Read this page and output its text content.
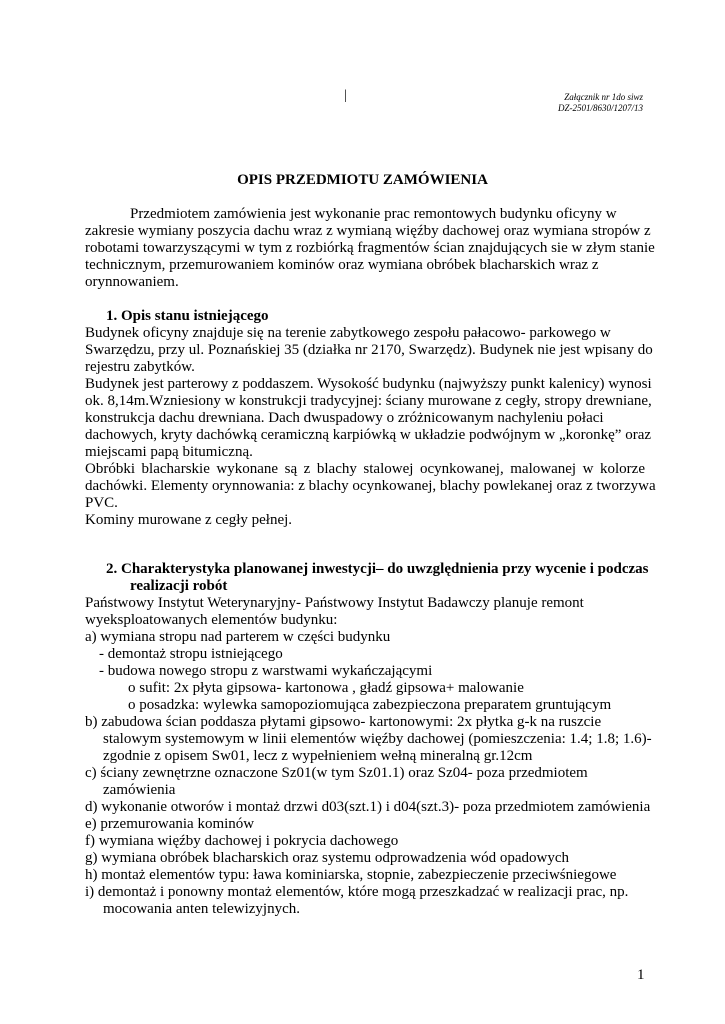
|	Załącznik nr 1do siwz
DZ-2501/8630/1207/13
OPIS PRZEDMIOTU ZAMÓWIENIA
Przedmiotem zamówienia jest wykonanie prac remontowych budynku oficyny w
zakresie wymiany poszycia dachu wraz z wymianą więźby dachowej oraz wymiana stropów z
robotami towarzyszącymi w tym z rozbiórką fragmentów ścian znajdujących sie w złym stanie
technicznym, przemurowaniem kominów oraz wymiana obróbek blacharskich wraz z
orynnowaniem.
1. Opis stanu istniejącego
Budynek oficyny znajduje się na terenie zabytkowego zespołu pałacowo- parkowego w
Swarzędzu, przy ul. Poznańskiej 35 (działka nr 2170, Swarzędz). Budynek nie jest wpisany do
rejestru zabytków.
Budynek jest parterowy z poddaszem. Wysokość budynku (najwyższy punkt kalenicy) wynosi
ok. 8,14m.Wzniesiony w konstrukcji tradycyjnej: ściany murowane z cegły, stropy drewniane,
konstrukcja dachu drewniana. Dach dwuspadowy o zróżnicowanym nachyleniu połaci
dachowych, kryty dachówką ceramiczną karpiówką w układzie podwójnym w „koronkę” oraz
miejscami papą bitumiczną.
Obróbki blacharskie wykonane są z blachy stalowej ocynkowanej, malowanej w kolorze
dachówki. Elementy orynnowania: z blachy ocynkowanej, blachy powlekanej oraz z tworzywa
PVC.
Kominy murowane z cegły pełnej.
2. Charakterystyka planowanej inwestycji– do uwzględnienia przy wycenie i podczas
realizacji robót
Państwowy Instytut Weterynaryjny- Państwowy Instytut Badawczy planuje remont
wyeksploatowanych elementów budynku:
a) wymiana stropu nad parterem w części budynku
- demontaż stropu istniejącego
- budowa nowego stropu z warstwami wykańczającymi
o sufit: 2x płyta gipsowa- kartonowa , gładź gipsowa+ malowanie
o posadzka: wylewka samopoziomująca zabezpieczona preparatem gruntującym
b) zabudowa ścian poddasza płytami gipsowo- kartonowymi: 2x płytka g-k na ruszcie
stalowym systemowym w linii elementów więźby dachowej (pomieszczenia: 1.4; 1.8; 1.6)-
zgodnie z opisem Sw01, lecz z wypełnieniem wełną mineralną gr.12cm
c) ściany zewnętrzne oznaczone Sz01(w tym Sz01.1) oraz Sz04- poza przedmiotem
zamówienia
d) wykonanie otworów i montaż drzwi d03(szt.1) i d04(szt.3)- poza przedmiotem zamówienia
e) przemurowania kominów
f) wymiana więźby dachowej i pokrycia dachowego
g) wymiana obróbek blacharskich oraz systemu odprowadzenia wód opadowych
h) montaż elementów typu: ława kominiarska, stopnie, zabezpieczenie przeciwśniegowe
i) demontaż i ponowny montaż elementów, które mogą przeszkadzać w realizacji prac, np.
mocowania anten telewizyjnych.
1
